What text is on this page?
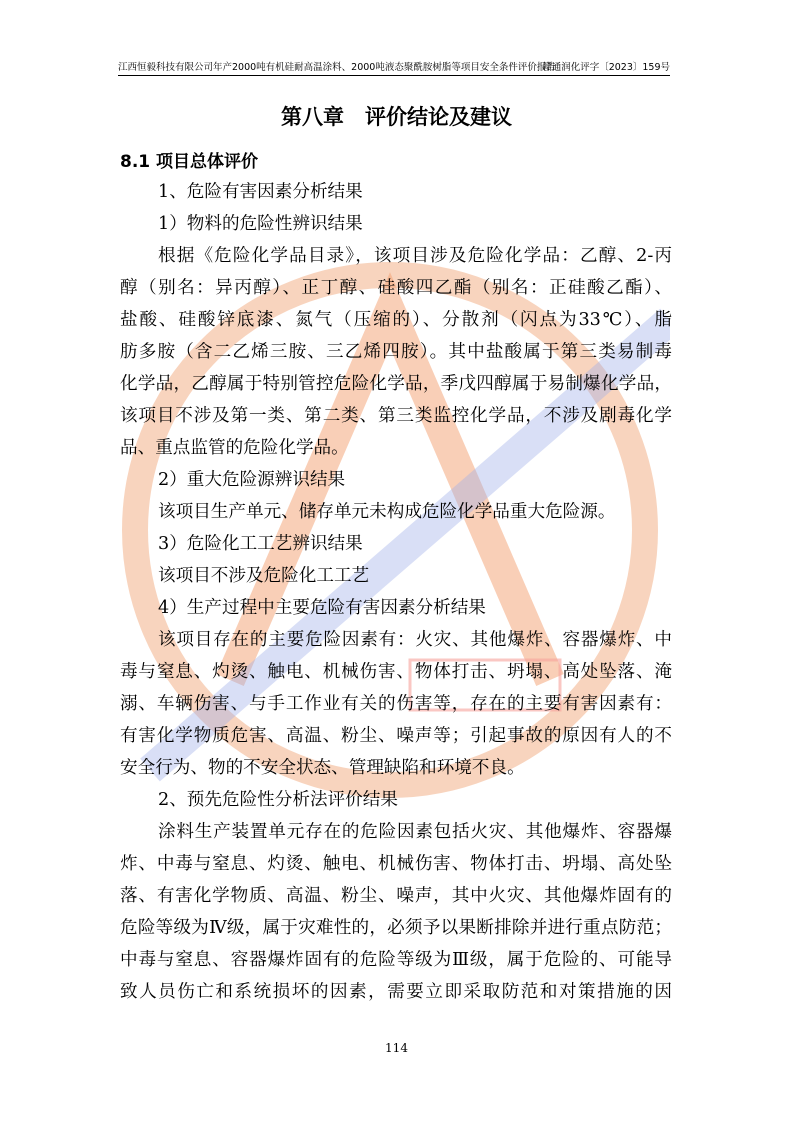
江西恒毅科技有限公司年产2000吨有机硅耐高温涂料、2000吨液态聚酰胺树脂等项目安全条件评价报告
赣通润化评字〔2023〕159号
第八章　评价结论及建议
8.1 项目总体评价
1、危险有害因素分析结果
1）物料的危险性辨识结果
根据《危险化学品目录》，该项目涉及危险化学品：乙醇、2-丙
醇（别名：异丙醇）、正丁醇、硅酸四乙酯（别名：正硅酸乙酯）、
盐酸、硅酸锌底漆、氮气（压缩的）、分散剂（闪点为33℃）、脂
肪多胺（含二乙烯三胺、三乙烯四胺）。其中盐酸属于第三类易制毒
化学品，乙醇属于特别管控危险化学品，季戊四醇属于易制爆化学品，
该项目不涉及第一类、第二类、第三类监控化学品，不涉及剧毒化学
品、重点监管的危险化学品。
2）重大危险源辨识结果
该项目生产单元、储存单元未构成危险化学品重大危险源。
3）危险化工工艺辨识结果
该项目不涉及危险化工工艺
4）生产过程中主要危险有害因素分析结果
该项目存在的主要危险因素有：火灾、其他爆炸、容器爆炸、中
毒与窒息、灼烫、触电、机械伤害、物体打击、坍塌、高处坠落、淹
溺、车辆伤害、与手工作业有关的伤害等，存在的主要有害因素有：
有害化学物质危害、高温、粉尘、噪声等；引起事故的原因有人的不
安全行为、物的不安全状态、管理缺陷和环境不良。
2、预先危险性分析法评价结果
涂料生产装置单元存在的危险因素包括火灾、其他爆炸、容器爆
炸、中毒与窒息、灼烫、触电、机械伤害、物体打击、坍塌、高处坠
落、有害化学物质、高温、粉尘、噪声，其中火灾、其他爆炸固有的
危险等级为Ⅳ级，属于灾难性的，必须予以果断排除并进行重点防范；
中毒与窒息、容器爆炸固有的危险等级为Ⅲ级，属于危险的、可能导
致人员伤亡和系统损坏的因素，需要立即采取防范和对策措施的因
114
